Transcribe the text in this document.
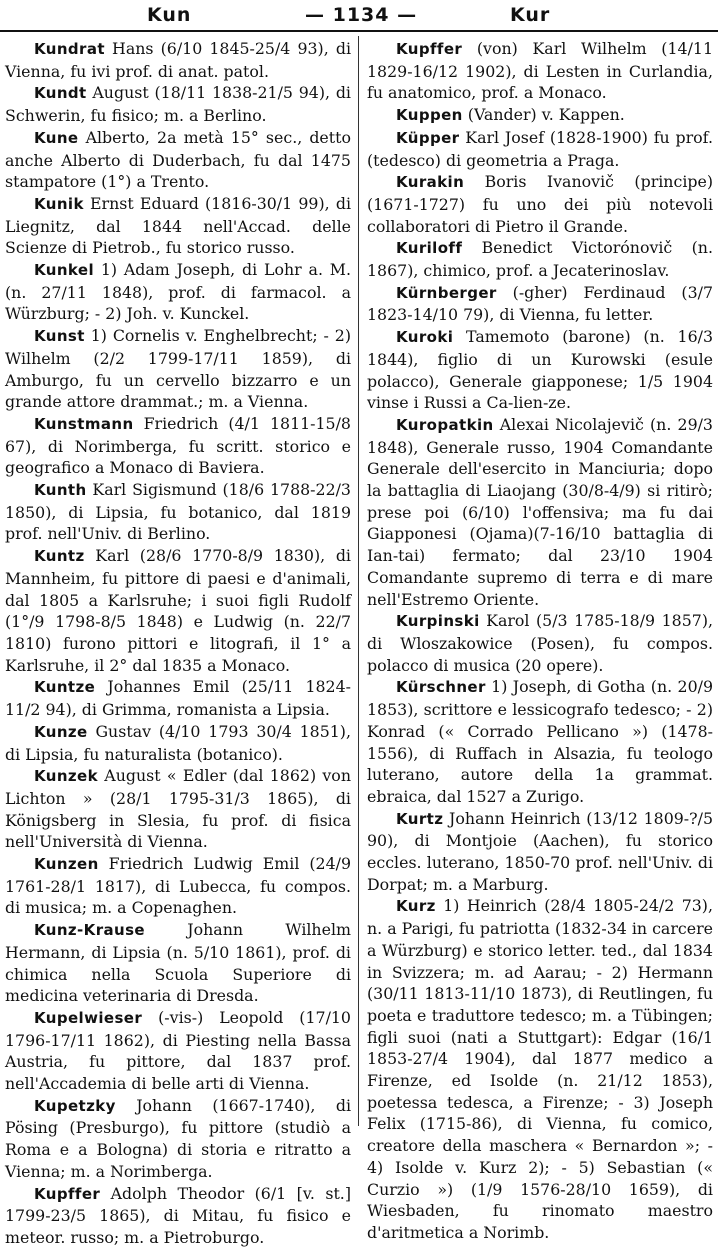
Kun	— 1134 —	Kur

Kundrat Hans (6/10 1845-25/4 93), di Vienna, fu ivi prof. di anat. patol.

Kundt August (18/11 1838-21/5 94), di Schwerin, fu fisico; m. a Berlino.

Kune Alberto, 2a metà 15° sec., detto anche Alberto di Duderbach, fu dal 1475 stampatore (1°) a Trento.

Kunik Ernst Eduard (1816-30/1 99), di Liegnitz, dal 1844 nell'Accad. delle Scienze di Pietrob., fu storico russo.

Kunkel 1) Adam Joseph, di Lohr a. M. (n. 27/11 1848), prof. di farmacol. a Würzburg; - 2) Joh. v. Kunckel.

Kunst 1) Cornelis v. Enghelbrecht; - 2) Wilhelm (2/2 1799-17/11 1859), di Amburgo, fu un cervello bizzarro e un grande attore drammat.; m. a Vienna.

Kunstmann Friedrich (4/1 1811-15/8 67), di Norimberga, fu scritt. storico e geografico a Monaco di Baviera.

Kunth Karl Sigismund (18/6 1788-22/3 1850), di Lipsia, fu botanico, dal 1819 prof. nell'Univ. di Berlino.

Kuntz Karl (28/6 1770-8/9 1830), di Mannheim, fu pittore di paesi e d'animali, dal 1805 a Karlsruhe; i suoi figli Rudolf (1°/9 1798-8/5 1848) e Ludwig (n. 22/7 1810) furono pittori e litografi, il 1° a Karlsruhe, il 2° dal 1835 a Monaco.

Kuntze Johannes Emil (25/11 1824-11/2 94), di Grimma, romanista a Lipsia.

Kunze Gustav (4/10 1793 30/4 1851), di Lipsia, fu naturalista (botanico).

Kunzek August « Edler (dal 1862) von Lichton » (28/1 1795-31/3 1865), di Königsberg in Slesia, fu prof. di fisica nell'Università di Vienna.

Kunzen Friedrich Ludwig Emil (24/9 1761-28/1 1817), di Lubecca, fu compos. di musica; m. a Copenaghen.

Kunz-Krause Johann Wilhelm Hermann, di Lipsia (n. 5/10 1861), prof. di chimica nella Scuola Superiore di medicina veterinaria di Dresda.

Kupelwieser (-vis-) Leopold (17/10 1796-17/11 1862), di Piesting nella Bassa Austria, fu pittore, dal 1837 prof. nell'Accademia di belle arti di Vienna.

Kupetzky Johann (1667-1740), di Pösing (Presburgo), fu pittore (studiò a Roma e a Bologna) di storia e ritratto a Vienna; m. a Norimberga.

Kupffer Adolph Theodor (6/1 [v. st.] 1799-23/5 1865), di Mitau, fu fisico e meteor. russo; m. a Pietroburgo.

Kupffer (von) Karl Wilhelm (14/11 1829-16/12 1902), di Lesten in Curlandia, fu anatomico, prof. a Monaco.

Kuppen (Vander) v. Kappen.

Küpper Karl Josef (1828-1900) fu prof. (tedesco) di geometria a Praga.

Kurakin Boris Ivanovič (principe) (1671-1727) fu uno dei più notevoli collaboratori di Pietro il Grande.

Kuriloff Benedict Victorónovič (n. 1867), chimico, prof. a Jecaterinoslav.

Kürnberger (-gher) Ferdinaud (3/7 1823-14/10 79), di Vienna, fu letter.

Kuroki Tamemoto (barone) (n. 16/3 1844), figlio di un Kurowski (esule polacco), Generale giapponese; 1/5 1904 vinse i Russi a Ca-lien-ze.

Kuropatkin Alexai Nicolajevič (n. 29/3 1848), Generale russo, 1904 Comandante Generale dell'esercito in Manciuria; dopo la battaglia di Liaojang (30/8-4/9) si ritirò; prese poi (6/10) l'offensiva; ma fu dai Giapponesi (Ojama)(7-16/10 battaglia di Ian-tai) fermato; dal 23/10 1904 Comandante supremo di terra e di mare nell'Estremo Oriente.

Kurpinski Karol (5/3 1785-18/9 1857), di Wloszakowice (Posen), fu compos. polacco di musica (20 opere).

Kürschner 1) Joseph, di Gotha (n. 20/9 1853), scrittore e lessicografo tedesco; - 2) Konrad (« Corrado Pellicano ») (1478-1556), di Ruffach in Alsazia, fu teologo luterano, autore della 1a grammat. ebraica, dal 1527 a Zurigo.

Kurtz Johann Heinrich (13/12 1809-?/5 90), di Montjoie (Aachen), fu storico eccles. luterano, 1850-70 prof. nell'Univ. di Dorpat; m. a Marburg.

Kurz 1) Heinrich (28/4 1805-24/2 73), n. a Parigi, fu patriotta (1832-34 in carcere a Würzburg) e storico letter. ted., dal 1834 in Svizzera; m. ad Aarau; - 2) Hermann (30/11 1813-11/10 1873), di Reutlingen, fu poeta e traduttore tedesco; m. a Tübingen; figli suoi (nati a Stuttgart): Edgar (16/1 1853-27/4 1904), dal 1877 medico a Firenze, ed Isolde (n. 21/12 1853), poetessa tedesca, a Firenze; - 3) Joseph Felix (1715-86), di Vienna, fu comico, creatore della maschera « Bernardon »; - 4) Isolde v. Kurz 2); - 5) Sebastian (« Curzio ») (1/9 1576-28/10 1659), di Wiesbaden, fu rinomato maestro d'aritmetica a Norimb.
